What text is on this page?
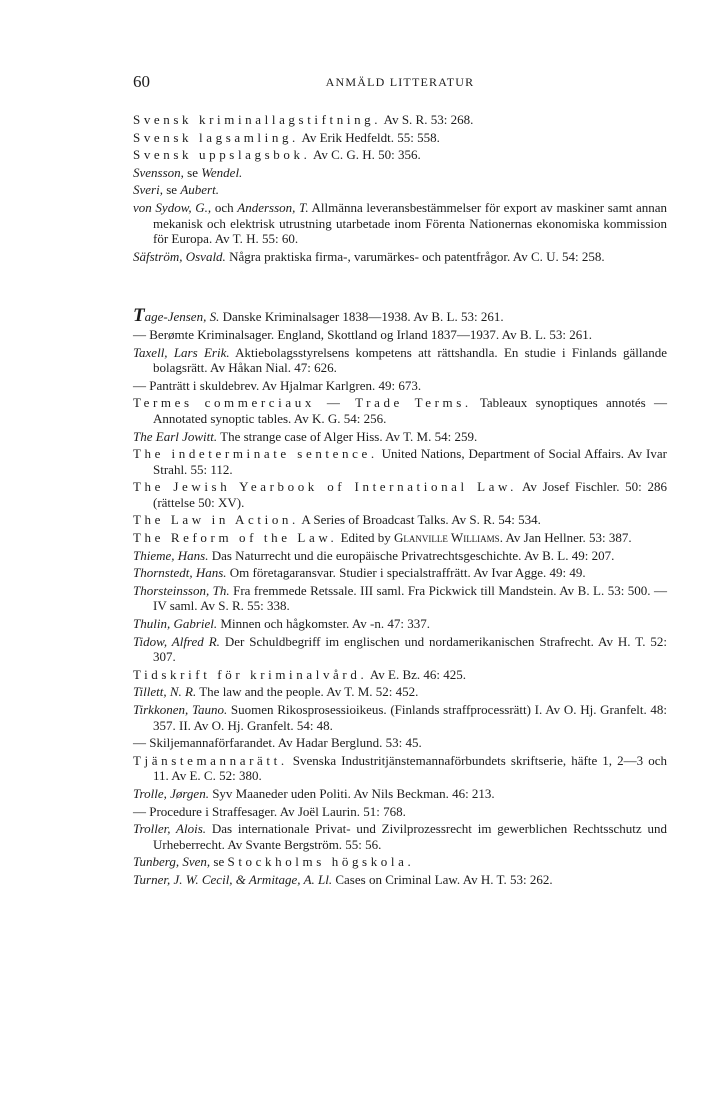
60	ANMÄLD LITTERATUR

Svensk kriminallagstiftning. Av S. R. 53: 268.

Svensk lagsamling. Av Erik Hedfeldt. 55: 558.

Svensk uppslagsbok. Av C. G. H. 50: 356.

Svensson, se Wendel.

Sveri, se Aubert.

von Sydow, G., och Andersson, T. Allmänna leveransbestämmelser för export av maskiner samt annan mekanisk och elektrisk utrustning utarbetade inom Förenta Nationernas ekonomiska kommission för Europa. Av T. H. 55: 60.

Säfström, Osvald. Några praktiska firma-, varumärkes- och patentfrågor. Av C. U. 54: 258.

Tage-Jensen, S. Danske Kriminalsager 1838—1938. Av B. L. 53: 261.

— Berømte Kriminalsager. England, Skottland og Irland 1837—1937. Av B. L. 53: 261.

Taxell, Lars Erik. Aktiebolagsstyrelsens kompetens att rättshandla. En studie i Finlands gällande bolagsrätt. Av Håkan Nial. 47: 626.

— Panträtt i skuldebrev. Av Hjalmar Karlgren. 49: 673.

Termes commerciaux — Trade Terms. Tableaux synoptiques annotés — Annotated synoptic tables. Av K. G. 54: 256.

The Earl Jowitt. The strange case of Alger Hiss. Av T. M. 54: 259.

The indeterminate sentence. United Nations, Department of Social Affairs. Av Ivar Strahl. 55: 112.

The Jewish Yearbook of International Law. Av Josef Fischler. 50: 286 (rättelse 50: XV).

The Law in Action. A Series of Broadcast Talks. Av S. R. 54: 534.

The Reform of the Law. Edited by Glanville Williams. Av Jan Hellner. 53: 387.

Thieme, Hans. Das Naturrecht und die europäische Privatrechtsgeschichte. Av B. L. 49: 207.

Thornstedt, Hans. Om företagaransvar. Studier i specialstraffrätt. Av Ivar Agge. 49: 49.

Thorsteinsson, Th. Fra fremmede Retssale. III saml. Fra Pickwick till Mandstein. Av B. L. 53: 500. — IV saml. Av S. R. 55: 338.

Thulin, Gabriel. Minnen och hågkomster. Av -n. 47: 337.

Tidow, Alfred R. Der Schuldbegriff im englischen und nordamerikanischen Strafrecht. Av H. T. 52: 307.

Tidskrift för kriminalvård. Av E. Bz. 46: 425.

Tillett, N. R. The law and the people. Av T. M. 52: 452.

Tirkkonen, Tauno. Suomen Rikosprosessioikeus. (Finlands straffprocessrätt) I. Av O. Hj. Granfelt. 48: 357. II. Av O. Hj. Granfelt. 54: 48.

— Skiljemannaförfarandet. Av Hadar Berglund. 53: 45.

Tjänstemannarätt. Svenska Industritjänstemannaförbundets skriftserie, häfte 1, 2—3 och 11. Av E. C. 52: 380.

Trolle, Jørgen. Syv Maaneder uden Politi. Av Nils Beckman. 46: 213.

— Procedure i Straffesager. Av Joël Laurin. 51: 768.

Troller, Alois. Das internationale Privat- und Zivilprozessrecht im gewerblichen Rechtsschutz und Urheberrecht. Av Svante Bergström. 55: 56.

Tunberg, Sven, se Stockholms högskola.

Turner, J. W. Cecil, & Armitage, A. Ll. Cases on Criminal Law. Av H. T. 53: 262.
